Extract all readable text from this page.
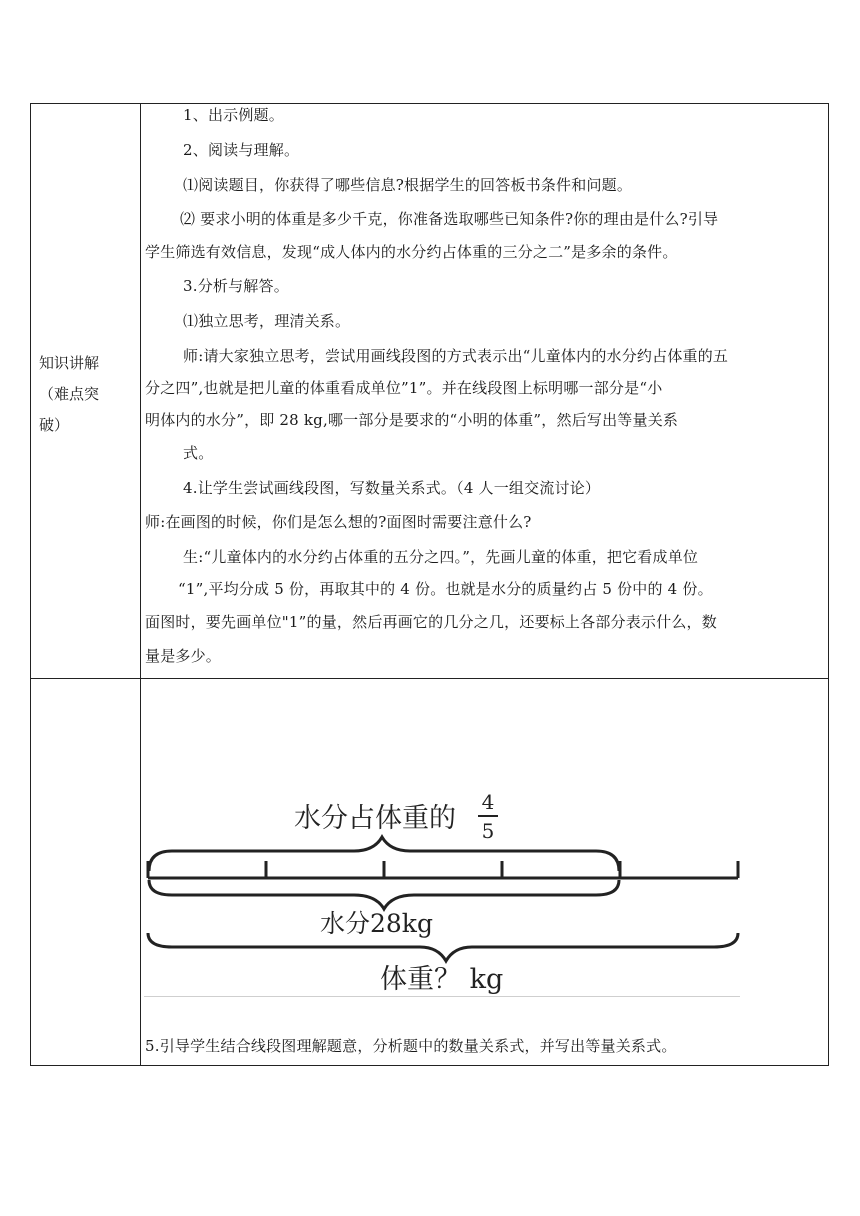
知识讲解
（难点突
破）
1、出示例题。
2、阅读与理解。
⑴阅读题目，你获得了哪些信息?根据学生的回答板书条件和问题。
⑵ 要求小明的体重是多少千克，你准备选取哪些已知条件?你的理由是什么?引导
学生筛选有效信息，发现“成人体内的水分约占体重的三分之二”是多余的条件。
3.分析与解答。
⑴独立思考，理清关系。
师:请大家独立思考，尝试用画线段图的方式表示出“儿童体内的水分约占体重的五
分之四”,也就是把儿童的体重看成单位”1”。并在线段图上标明哪一部分是“小
明体内的水分”，即 28 kg,哪一部分是要求的“小明的体重”，然后写出等量关系
式。
4.让学生尝试画线段图，写数量关系式。（4 人一组交流讨论）
师:在画图的时候，你们是怎么想的?面图时需要注意什么?
生:“儿童体内的水分约占体重的五分之四。”，先画儿童的体重，把它看成单位
“1”,平均分成 5 份，再取其中的 4 份。也就是水分的质量约占 5 份中的 4 份。
面图时，要先画单位"1”的量，然后再画它的几分之几，还要标上各部分表示什么，数
量是多少。
水分占体重的
4
5
水分28kg
体重？ kg
5.引导学生结合线段图理解题意，分析题中的数量关系式，并写出等量关系式。
